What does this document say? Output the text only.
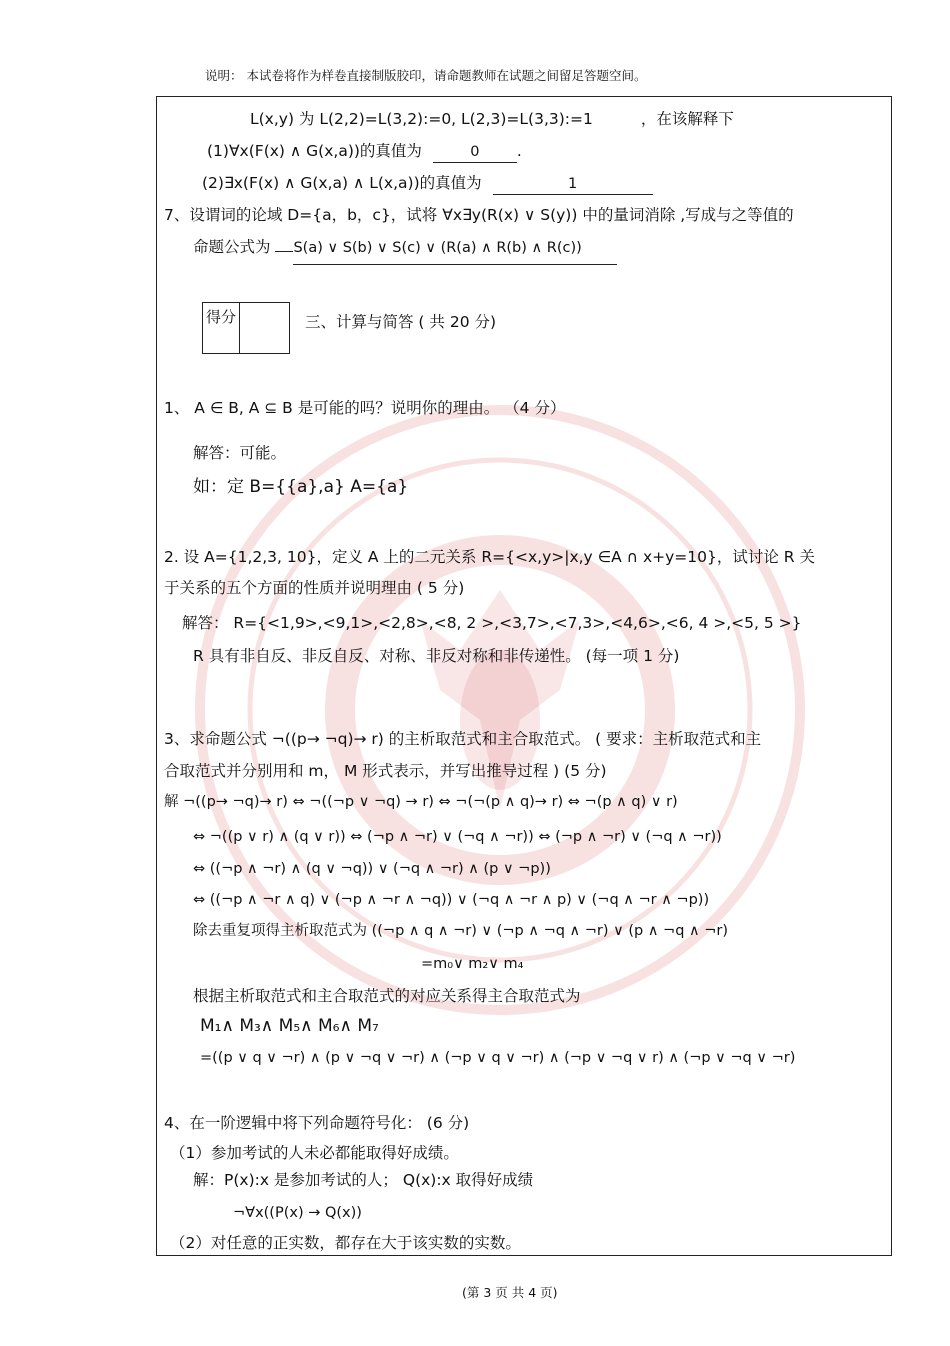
说明： 本试卷将作为样卷直接制版胶印，请命题教师在试题之间留足答题空间。
L(x,y) 为 L(2,2)=L(3,2):=0, L(2,3)=L(3,3):=1	，在该解释下
(1)∀x(F(x) ∧ G(x,a))的真值为	0 .
(2)∃x(F(x) ∧ G(x,a) ∧ L(x,a))的真值为	1
7、设谓词的论域 D={a，b，c}，试将 ∀x∃y(R(x) ∨ S(y)) 中的量词消除 ,写成与之等值的
命题公式为 S(a) ∨ S(b) ∨ S(c) ∨ (R(a) ∧ R(b) ∧ R(c))
得分	三、计算与简答 ( 共 20 分)
1、 A ∈ B, A ⊆ B 是可能的吗？说明你的理由。 （4 分）
解答：可能。
如：定 B={{a},a} A={a}
2. 设 A={1,2,3, 10}，定义 A 上的二元关系 R={<x,y>|x,y ∈A ∩ x+y=10}，试讨论 R 关
于关系的五个方面的性质并说明理由 ( 5 分)
解答： R={<1,9>,<9,1>,<2,8>,<8, 2 >,<3,7>,<7,3>,<4,6>,<6, 4 >,<5, 5 >}
R 具有非自反、非反自反、对称、非反对称和非传递性。 (每一项 1 分)
3、求命题公式 ¬((p→ ¬q)→ r) 的主析取范式和主合取范式。 ( 要求：主析取范式和主
合取范式并分别用和 m， M 形式表示，并写出推导过程 ) (5 分)
解 ¬((p→ ¬q)→ r) ⇔ ¬((¬p ∨ ¬q) → r) ⇔ ¬(¬(p ∧ q)→ r) ⇔ ¬(p ∧ q) ∨ r)
⇔ ¬((p ∨ r) ∧ (q ∨ r)) ⇔ (¬p ∧ ¬r) ∨ (¬q ∧ ¬r)) ⇔ (¬p ∧ ¬r) ∨ (¬q ∧ ¬r))
⇔ ((¬p ∧ ¬r) ∧ (q ∨ ¬q)) ∨ (¬q ∧ ¬r) ∧ (p ∨ ¬p))
⇔ ((¬p ∧ ¬r ∧ q) ∨ (¬p ∧ ¬r ∧ ¬q)) ∨ (¬q ∧ ¬r ∧ p) ∨ (¬q ∧ ¬r ∧ ¬p))
除去重复项得主析取范式为 ((¬p ∧ q ∧ ¬r) ∨ (¬p ∧ ¬q ∧ ¬r) ∨ (p ∧ ¬q ∧ ¬r)
=m₀∨ m₂∨ m₄
根据主析取范式和主合取范式的对应关系得主合取范式为
M₁∧ M₃∧ M₅∧ M₆∧ M₇
=((p ∨ q ∨ ¬r) ∧ (p ∨ ¬q ∨ ¬r) ∧ (¬p ∨ q ∨ ¬r) ∧ (¬p ∨ ¬q ∨ r) ∧ (¬p ∨ ¬q ∨ ¬r)
4、在一阶逻辑中将下列命题符号化： (6 分)
（1）参加考试的人未必都能取得好成绩。
解：P(x):x 是参加考试的人； Q(x):x 取得好成绩
¬∀x((P(x) → Q(x))
（2）对任意的正实数，都存在大于该实数的实数。
(第 3 页 共 4 页)
